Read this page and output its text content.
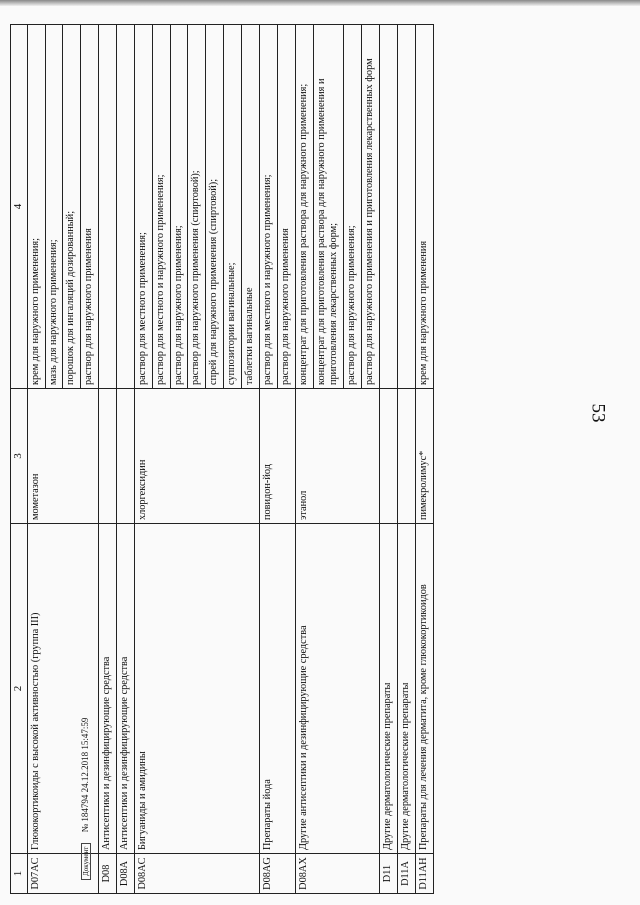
53
1	2	3	4
D07AC	Глюкокортикоиды с высокой активностью (группа III)	мометазон	крем для наружного применения;
			мазь для наружного применения;
			порошок для ингаляций дозированный;
			раствор для наружного применения
D08	Антисептики и дезинфицирующие средства		
D08A	Антисептики и дезинфицирующие средства		
D08AC	Бигуаниды и амидины	хлоргексидин	раствор для местного применения;
			раствор для местного и наружного применения;
			раствор для наружного применения;
			раствор для наружного применения (спиртовой);
			спрей для наружного применения (спиртовой);
			суппозитории вагинальные;
			таблетки вагинальные
D08AG	Препараты йода	повидон-йод	раствор для местного и наружного применения;
			раствор для наружного применения
D08AX	Другие антисептики и дезинфицирующие средства	этанол	концентрат для приготовления раствора для наружного применения;
			концентрат для приготовления раствора для наружного применения и приготовления лекарственных форм;
			раствор для наружного применения;
			раствор для наружного применения и приготовления лекарственных форм
D11	Другие дерматологические препараты		
D11A	Другие дерматологические препараты		
D11AH	Препараты для лечения дерматита, кроме глюкокортикоидов	пимекролимус*	крем для наружного применения
Документ № 184794 24.12.2018 15:47:59
